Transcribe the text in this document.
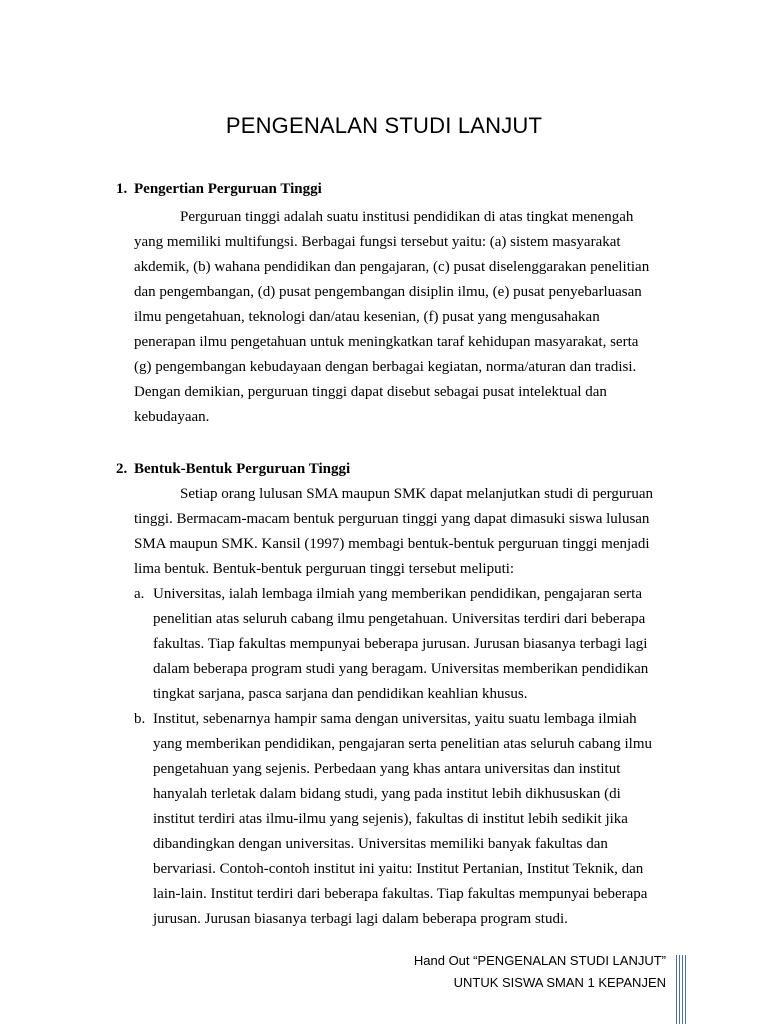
PENGENALAN STUDI LANJUT
1. Pengertian Perguruan Tinggi
Perguruan tinggi adalah suatu institusi pendidikan di atas tingkat menengah
yang memiliki multifungsi. Berbagai fungsi tersebut yaitu: (a) sistem masyarakat
akdemik, (b) wahana pendidikan dan pengajaran, (c) pusat diselenggarakan penelitian
dan pengembangan, (d) pusat pengembangan disiplin ilmu, (e) pusat penyebarluasan
ilmu pengetahuan, teknologi dan/atau kesenian, (f) pusat yang mengusahakan
penerapan ilmu pengetahuan untuk meningkatkan taraf kehidupan masyarakat, serta
(g) pengembangan kebudayaan dengan berbagai kegiatan, norma/aturan dan tradisi.
Dengan demikian, perguruan tinggi dapat disebut sebagai pusat intelektual dan
kebudayaan.
2. Bentuk-Bentuk Perguruan Tinggi
Setiap orang lulusan SMA maupun SMK dapat melanjutkan studi di perguruan
tinggi. Bermacam-macam bentuk perguruan tinggi yang dapat dimasuki siswa lulusan
SMA maupun SMK. Kansil (1997) membagi bentuk-bentuk perguruan tinggi menjadi
lima bentuk. Bentuk-bentuk perguruan tinggi tersebut meliputi:
a. Universitas, ialah lembaga ilmiah yang memberikan pendidikan, pengajaran serta
penelitian atas seluruh cabang ilmu pengetahuan. Universitas terdiri dari beberapa
fakultas. Tiap fakultas mempunyai beberapa jurusan. Jurusan biasanya terbagi lagi
dalam beberapa program studi yang beragam. Universitas memberikan pendidikan
tingkat sarjana, pasca sarjana dan pendidikan keahlian khusus.
b. Institut, sebenarnya hampir sama dengan universitas, yaitu suatu lembaga ilmiah
yang memberikan pendidikan, pengajaran serta penelitian atas seluruh cabang ilmu
pengetahuan yang sejenis. Perbedaan yang khas antara universitas dan institut
hanyalah terletak dalam bidang studi, yang pada institut lebih dikhususkan (di
institut terdiri atas ilmu-ilmu yang sejenis), fakultas di institut lebih sedikit jika
dibandingkan dengan universitas. Universitas memiliki banyak fakultas dan
bervariasi. Contoh-contoh institut ini yaitu: Institut Pertanian, Institut Teknik, dan
lain-lain. Institut terdiri dari beberapa fakultas. Tiap fakultas mempunyai beberapa
jurusan. Jurusan biasanya terbagi lagi dalam beberapa program studi.
Hand Out “PENGENALAN STUDI LANJUT”
UNTUK SISWA SMAN 1 KEPANJEN
